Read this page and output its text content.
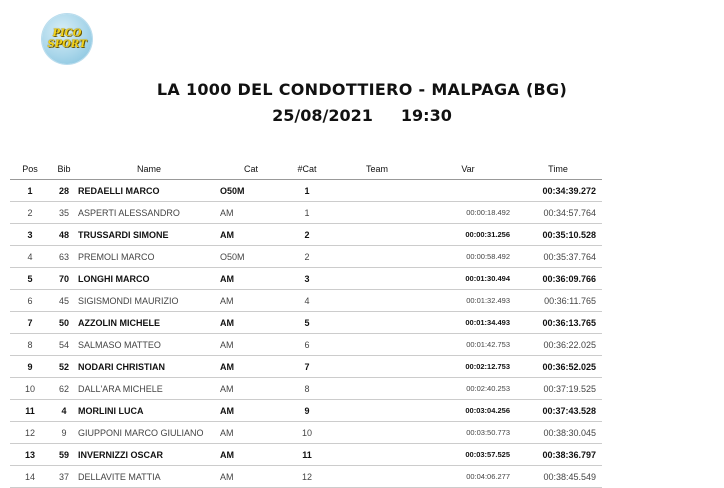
PICO
SPORT
LA 1000 DEL CONDOTTIERO - MALPAGA (BG)
25/08/2021 19:30
Pos	Bib	Name	Cat	#Cat	Team	Var	Time
1	28	REDAELLI MARCO	O50M	1			00:34:39.272
2	35	ASPERTI ALESSANDRO	AM	1		00:00:18.492	00:34:57.764
3	48	TRUSSARDI SIMONE	AM	2		00:00:31.256	00:35:10.528
4	63	PREMOLI MARCO	O50M	2		00:00:58.492	00:35:37.764
5	70	LONGHI MARCO	AM	3		00:01:30.494	00:36:09.766
6	45	SIGISMONDI MAURIZIO	AM	4		00:01:32.493	00:36:11.765
7	50	AZZOLIN MICHELE	AM	5		00:01:34.493	00:36:13.765
8	54	SALMASO MATTEO	AM	6		00:01:42.753	00:36:22.025
9	52	NODARI CHRISTIAN	AM	7		00:02:12.753	00:36:52.025
10	62	DALL'ARA MICHELE	AM	8		00:02:40.253	00:37:19.525
11	4	MORLINI LUCA	AM	9		00:03:04.256	00:37:43.528
12	9	GIUPPONI MARCO GIULIANO	AM	10		00:03:50.773	00:38:30.045
13	59	INVERNIZZI OSCAR	AM	11		00:03:57.525	00:38:36.797
14	37	DELLAVITE MATTIA	AM	12		00:04:06.277	00:38:45.549
